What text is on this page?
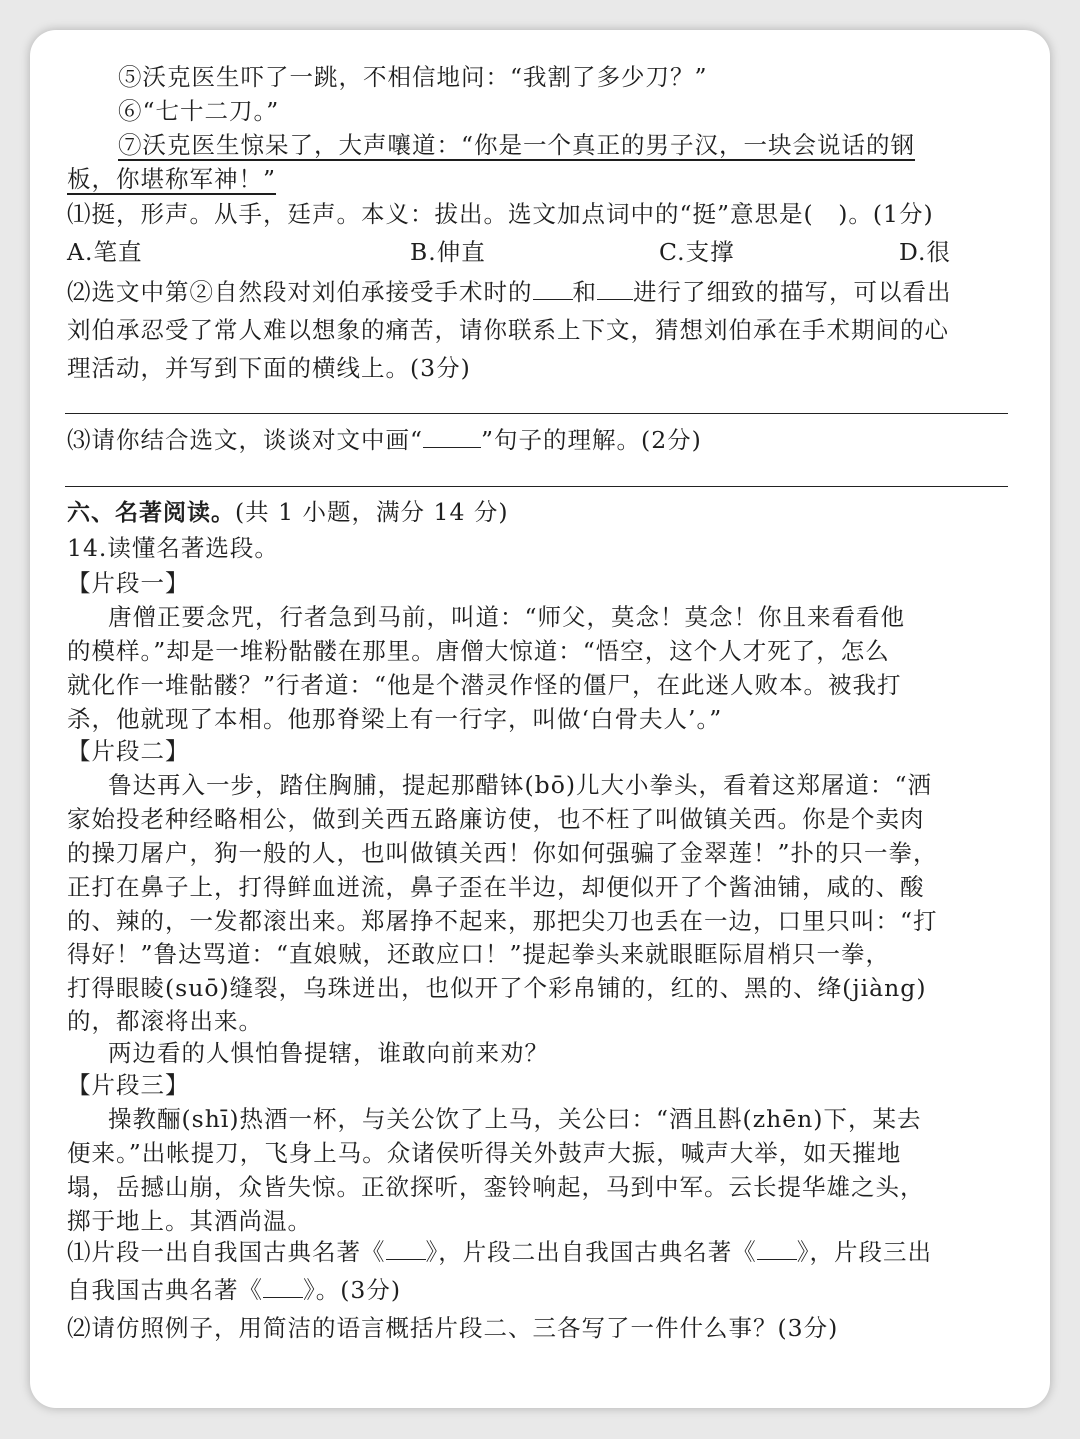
⑤沃克医生吓了一跳，不相信地问：“我割了多少刀？”
⑥“七十二刀。”
⑦沃克医生惊呆了，大声嚷道：“你是一个真正的男子汉，一块会说话的钢
板，你堪称军神！”
⑴挺，形声。从手，廷声。本义：拔出。选文加点词中的“挺”意思是(　)。(1分)
A.笔直	B.伸直	C.支撑	D.很
⑵选文中第②自然段对刘伯承接受手术时的 和 进行了细致的描写，可以看出
刘伯承忍受了常人难以想象的痛苦，请你联系上下文，猜想刘伯承在手术期间的心
理活动，并写到下面的横线上。(3分)
⑶请你结合选文，谈谈对文中画“ ”句子的理解。(2分)
六、名著阅读。(共 1 小题，满分 14 分)
14.读懂名著选段。
【片段一】
唐僧正要念咒，行者急到马前，叫道：“师父，莫念！莫念！你且来看看他
的模样。”却是一堆粉骷髅在那里。唐僧大惊道：“悟空，这个人才死了，怎么
就化作一堆骷髅？”行者道：“他是个潜灵作怪的僵尸，在此迷人败本。被我打
杀，他就现了本相。他那脊梁上有一行字，叫做‘白骨夫人’。”
【片段二】
鲁达再入一步，踏住胸脯，提起那醋钵(bō)儿大小拳头，看着这郑屠道：“洒
家始投老种经略相公，做到关西五路廉访使，也不枉了叫做镇关西。你是个卖肉
的操刀屠户，狗一般的人，也叫做镇关西！你如何强骗了金翠莲！”扑的只一拳，
正打在鼻子上，打得鲜血迸流，鼻子歪在半边，却便似开了个酱油铺，咸的、酸
的、辣的，一发都滚出来。郑屠挣不起来，那把尖刀也丢在一边，口里只叫：“打
得好！”鲁达骂道：“直娘贼，还敢应口！”提起拳头来就眼眶际眉梢只一拳，
打得眼睖(suō)缝裂，乌珠迸出，也似开了个彩帛铺的，红的、黑的、绛(jiàng)
的，都滚将出来。
两边看的人惧怕鲁提辖，谁敢向前来劝？
【片段三】
操教酾(shī)热酒一杯，与关公饮了上马，关公曰：“酒且斟(zhēn)下，某去
便来。”出帐提刀，飞身上马。众诸侯听得关外鼓声大振，喊声大举，如天摧地
塌，岳撼山崩，众皆失惊。正欲探听，銮铃响起，马到中军。云长提华雄之头，
掷于地上。其酒尚温。
⑴片段一出自我国古典名著《 》，片段二出自我国古典名著《 》，片段三出
自我国古典名著《 》。(3分)
⑵请仿照例子，用简洁的语言概括片段二、三各写了一件什么事？(3分)
